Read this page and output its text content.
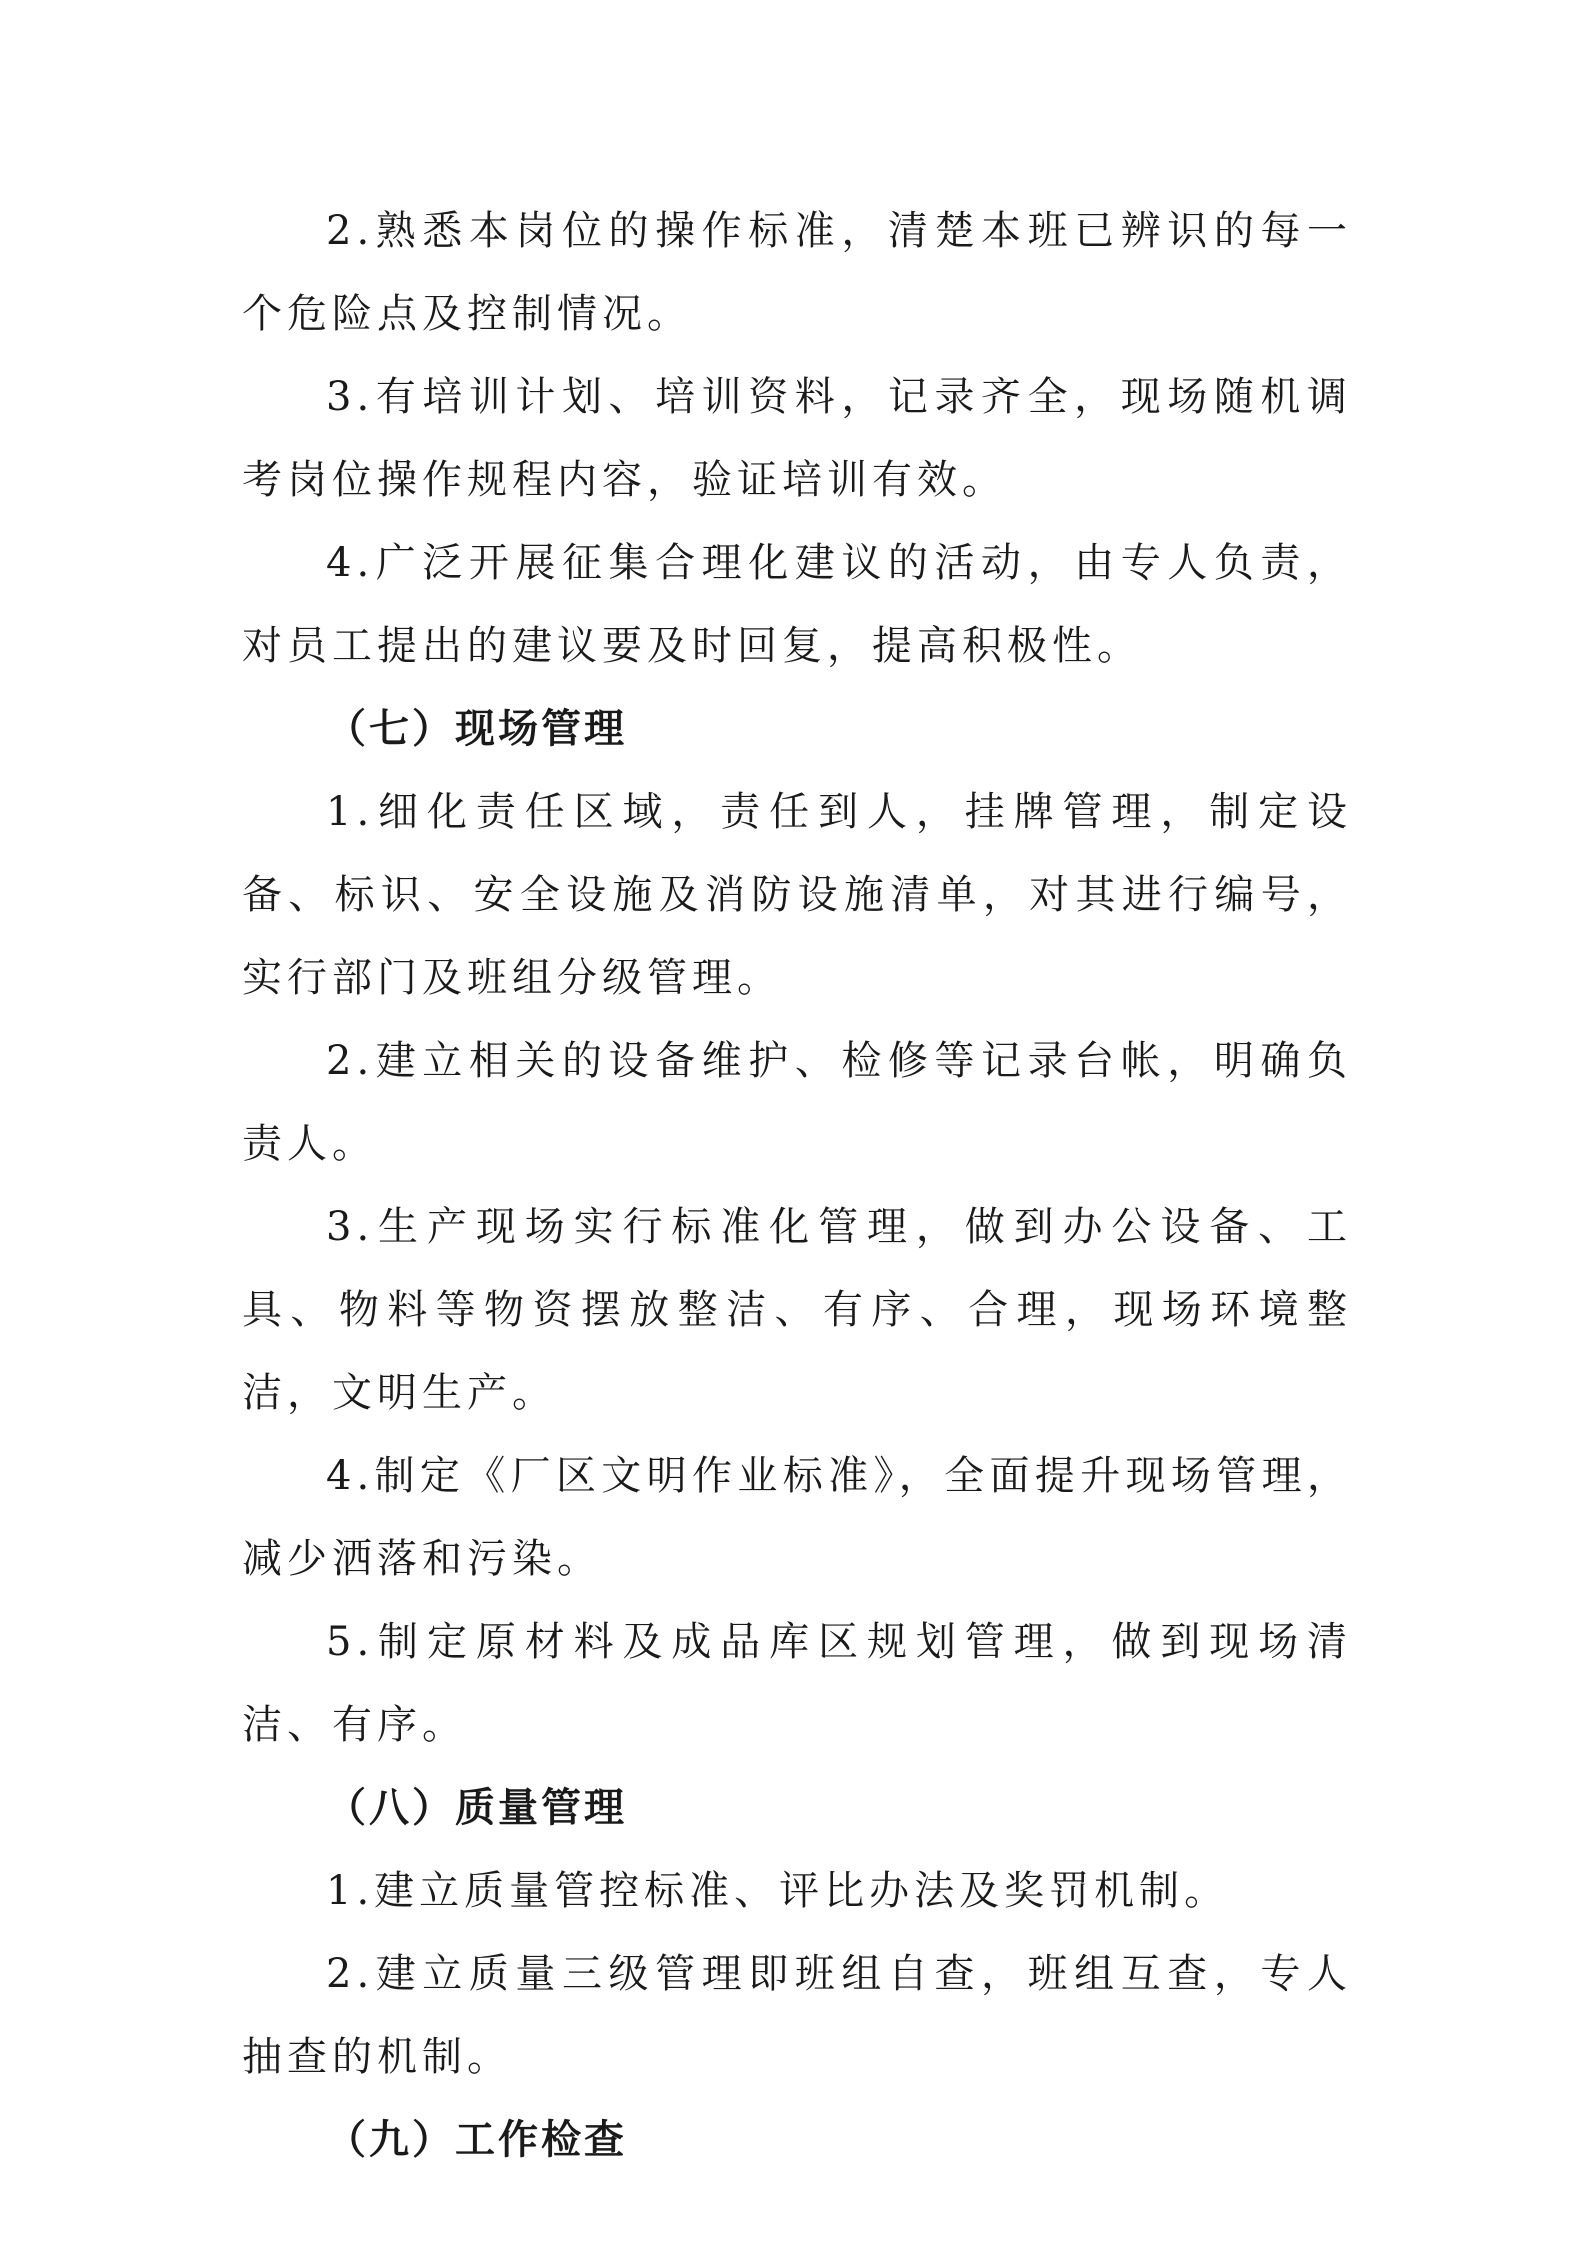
2.熟悉本岗位的操作标准，清楚本班已辨识的每一个危险点及控制情况。

3.有培训计划、培训资料，记录齐全，现场随机调考岗位操作规程内容，验证培训有效。

4.广泛开展征集合理化建议的活动，由专人负责，对员工提出的建议要及时回复，提高积极性。

（七）现场管理

1.细化责任区域，责任到人，挂牌管理，制定设备、标识、安全设施及消防设施清单，对其进行编号，实行部门及班组分级管理。

2.建立相关的设备维护、检修等记录台帐，明确负责人。

3.生产现场实行标准化管理，做到办公设备、工具、物料等物资摆放整洁、有序、合理，现场环境整洁，文明生产。

4.制定《厂区文明作业标准》，全面提升现场管理，减少洒落和污染。

5.制定原材料及成品库区规划管理，做到现场清洁、有序。

（八）质量管理

1.建立质量管控标准、评比办法及奖罚机制。

2.建立质量三级管理即班组自查，班组互查，专人抽查的机制。

（九）工作检查
